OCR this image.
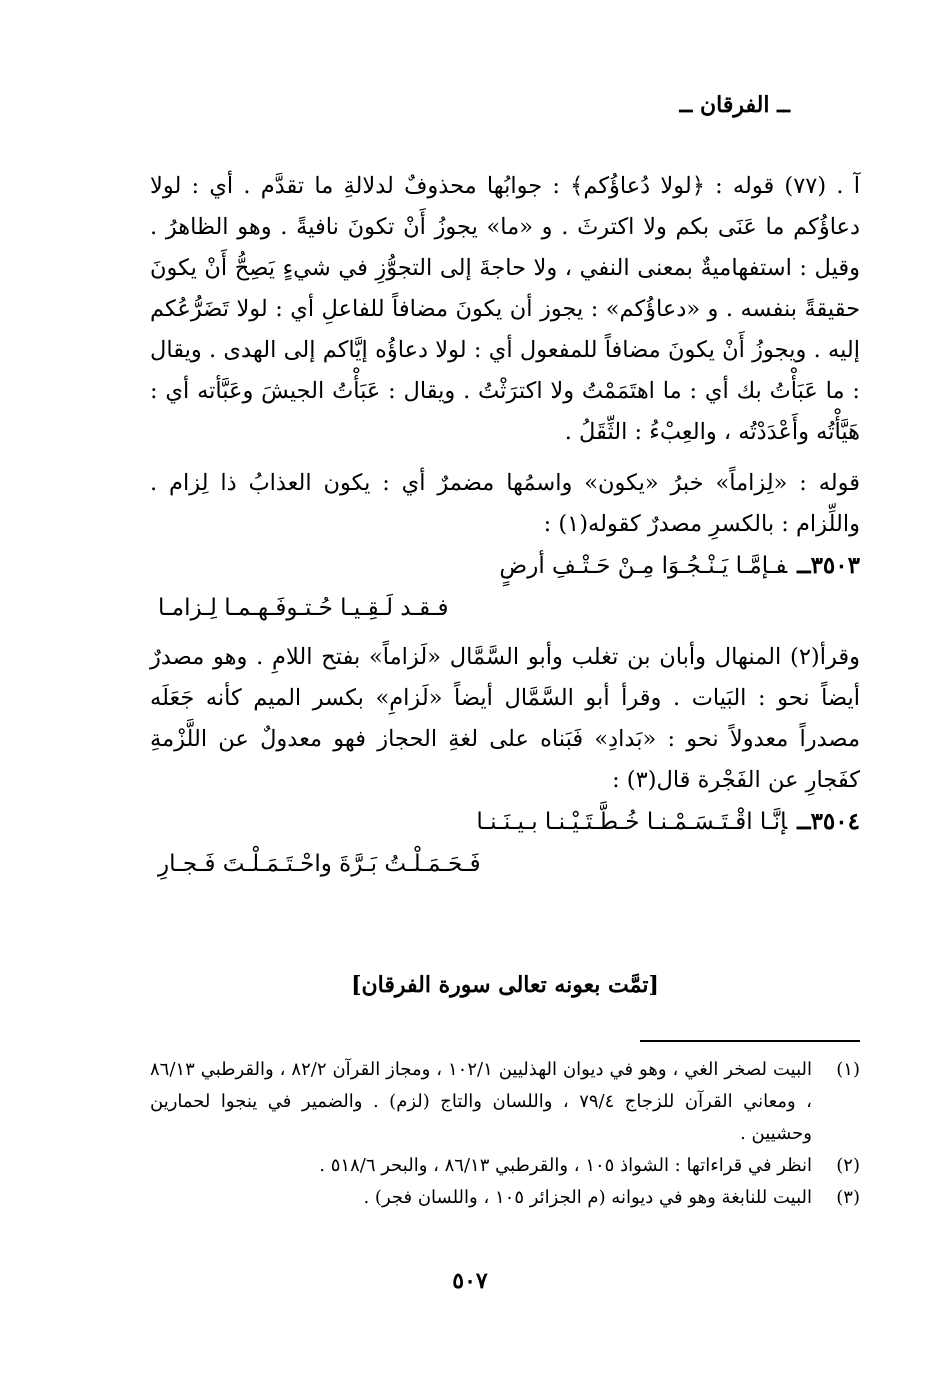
ــ الفرقان ــ

آ . (٧٧) قوله : ﴿لولا دُعاؤُكم﴾ : جوابُها محذوفٌ لدلالةِ ما تقدَّم . أي : لولا دعاؤُكم ما عَنَى بكم ولا اكترثَ . و «ما» يجوزُ أَنْ تكونَ نافيةً . وهو الظاهرُ . وقيل : استفهاميةٌ بمعنى النفي ، ولا حاجةَ إلى التجوُّزِ في شيءٍ يَصِحُّ أَنْ يكونَ حقيقةً بنفسه . و «دعاؤُكم» : يجوز أن يكونَ مضافاً للفاعلِ أي : لولا تَضَرُّعُكم إليه . ويجوزُ أَنْ يكونَ مضافاً للمفعول أي : لولا دعاؤُه إيَّاكم إلى الهدى . ويقال : ما عَبَأْتُ بك أي : ما اهتَمَمْتُ ولا اكترَثْتُ . ويقال : عَبَأْتُ الجيشَ وعَبَّأته أي : هَيَّأْتُه وأَعْدَدْتُه ، والعِبْءُ : الثِّقَلُ .

قوله : «لِزاماً» خبرُ «يكون» واسمُها مضمرٌ أي : يكون العذابُ ذا لِزام . واللِّزام : بالكسرِ مصدرٌ كقوله(١) :

٣٥٠٣ــفـإمَّـا يَـنْـجُـوَا مِـنْ حَـتْـفِ أرضٍ
فـقـد لَـقِـيـا حُـتـوفَـهـمـا لِـزامـا

وقرأ(٢) المنهال وأبان بن تغلب وأبو السَّمَّال «لَزاماً» بفتح اللامِ . وهو مصدرٌ أيضاً نحو : البَيات . وقرأ أبو السَّمَّال أيضاً «لَزامِ» بكسر الميم كأنه جَعَلَه مصدراً معدولاً نحو : «بَدادِ» فَبَناه على لغةِ الحجاز فهو معدولٌ عن اللَّزْمةِ كفَجارِ عن الفَجْرة قال(٣) :

٣٥٠٤ــإنَّـا اقْـتَـسَـمْـنـا خُـطَّـتَـيْـنـا بـيـنَـنـا
فَـحَـمَـلْـتُ بَـرَّةَ واحْـتَـمَـلْـتَ فَـجـارِ
[تمَّت بعونه تعالى سورة الفرقان]
(١)
البيت لصخر الغي ، وهو في ديوان الهذليين ١٠٢/١ ، ومجاز القرآن ٨٢/٢ ، والقرطبي ٨٦/١٣ ، ومعاني القرآن للزجاج ٧٩/٤ ، واللسان والتاج (لزم) . والضمير في ينجوا لحمارين وحشيين .
(٢)
انظر في قراءاتها : الشواذ ١٠٥ ، والقرطبي ٨٦/١٣ ، والبحر ٥١٨/٦ .
(٣)
البيت للنابغة وهو في ديوانه (م الجزائر ١٠٥ ، واللسان فجر) .
٥٠٧
